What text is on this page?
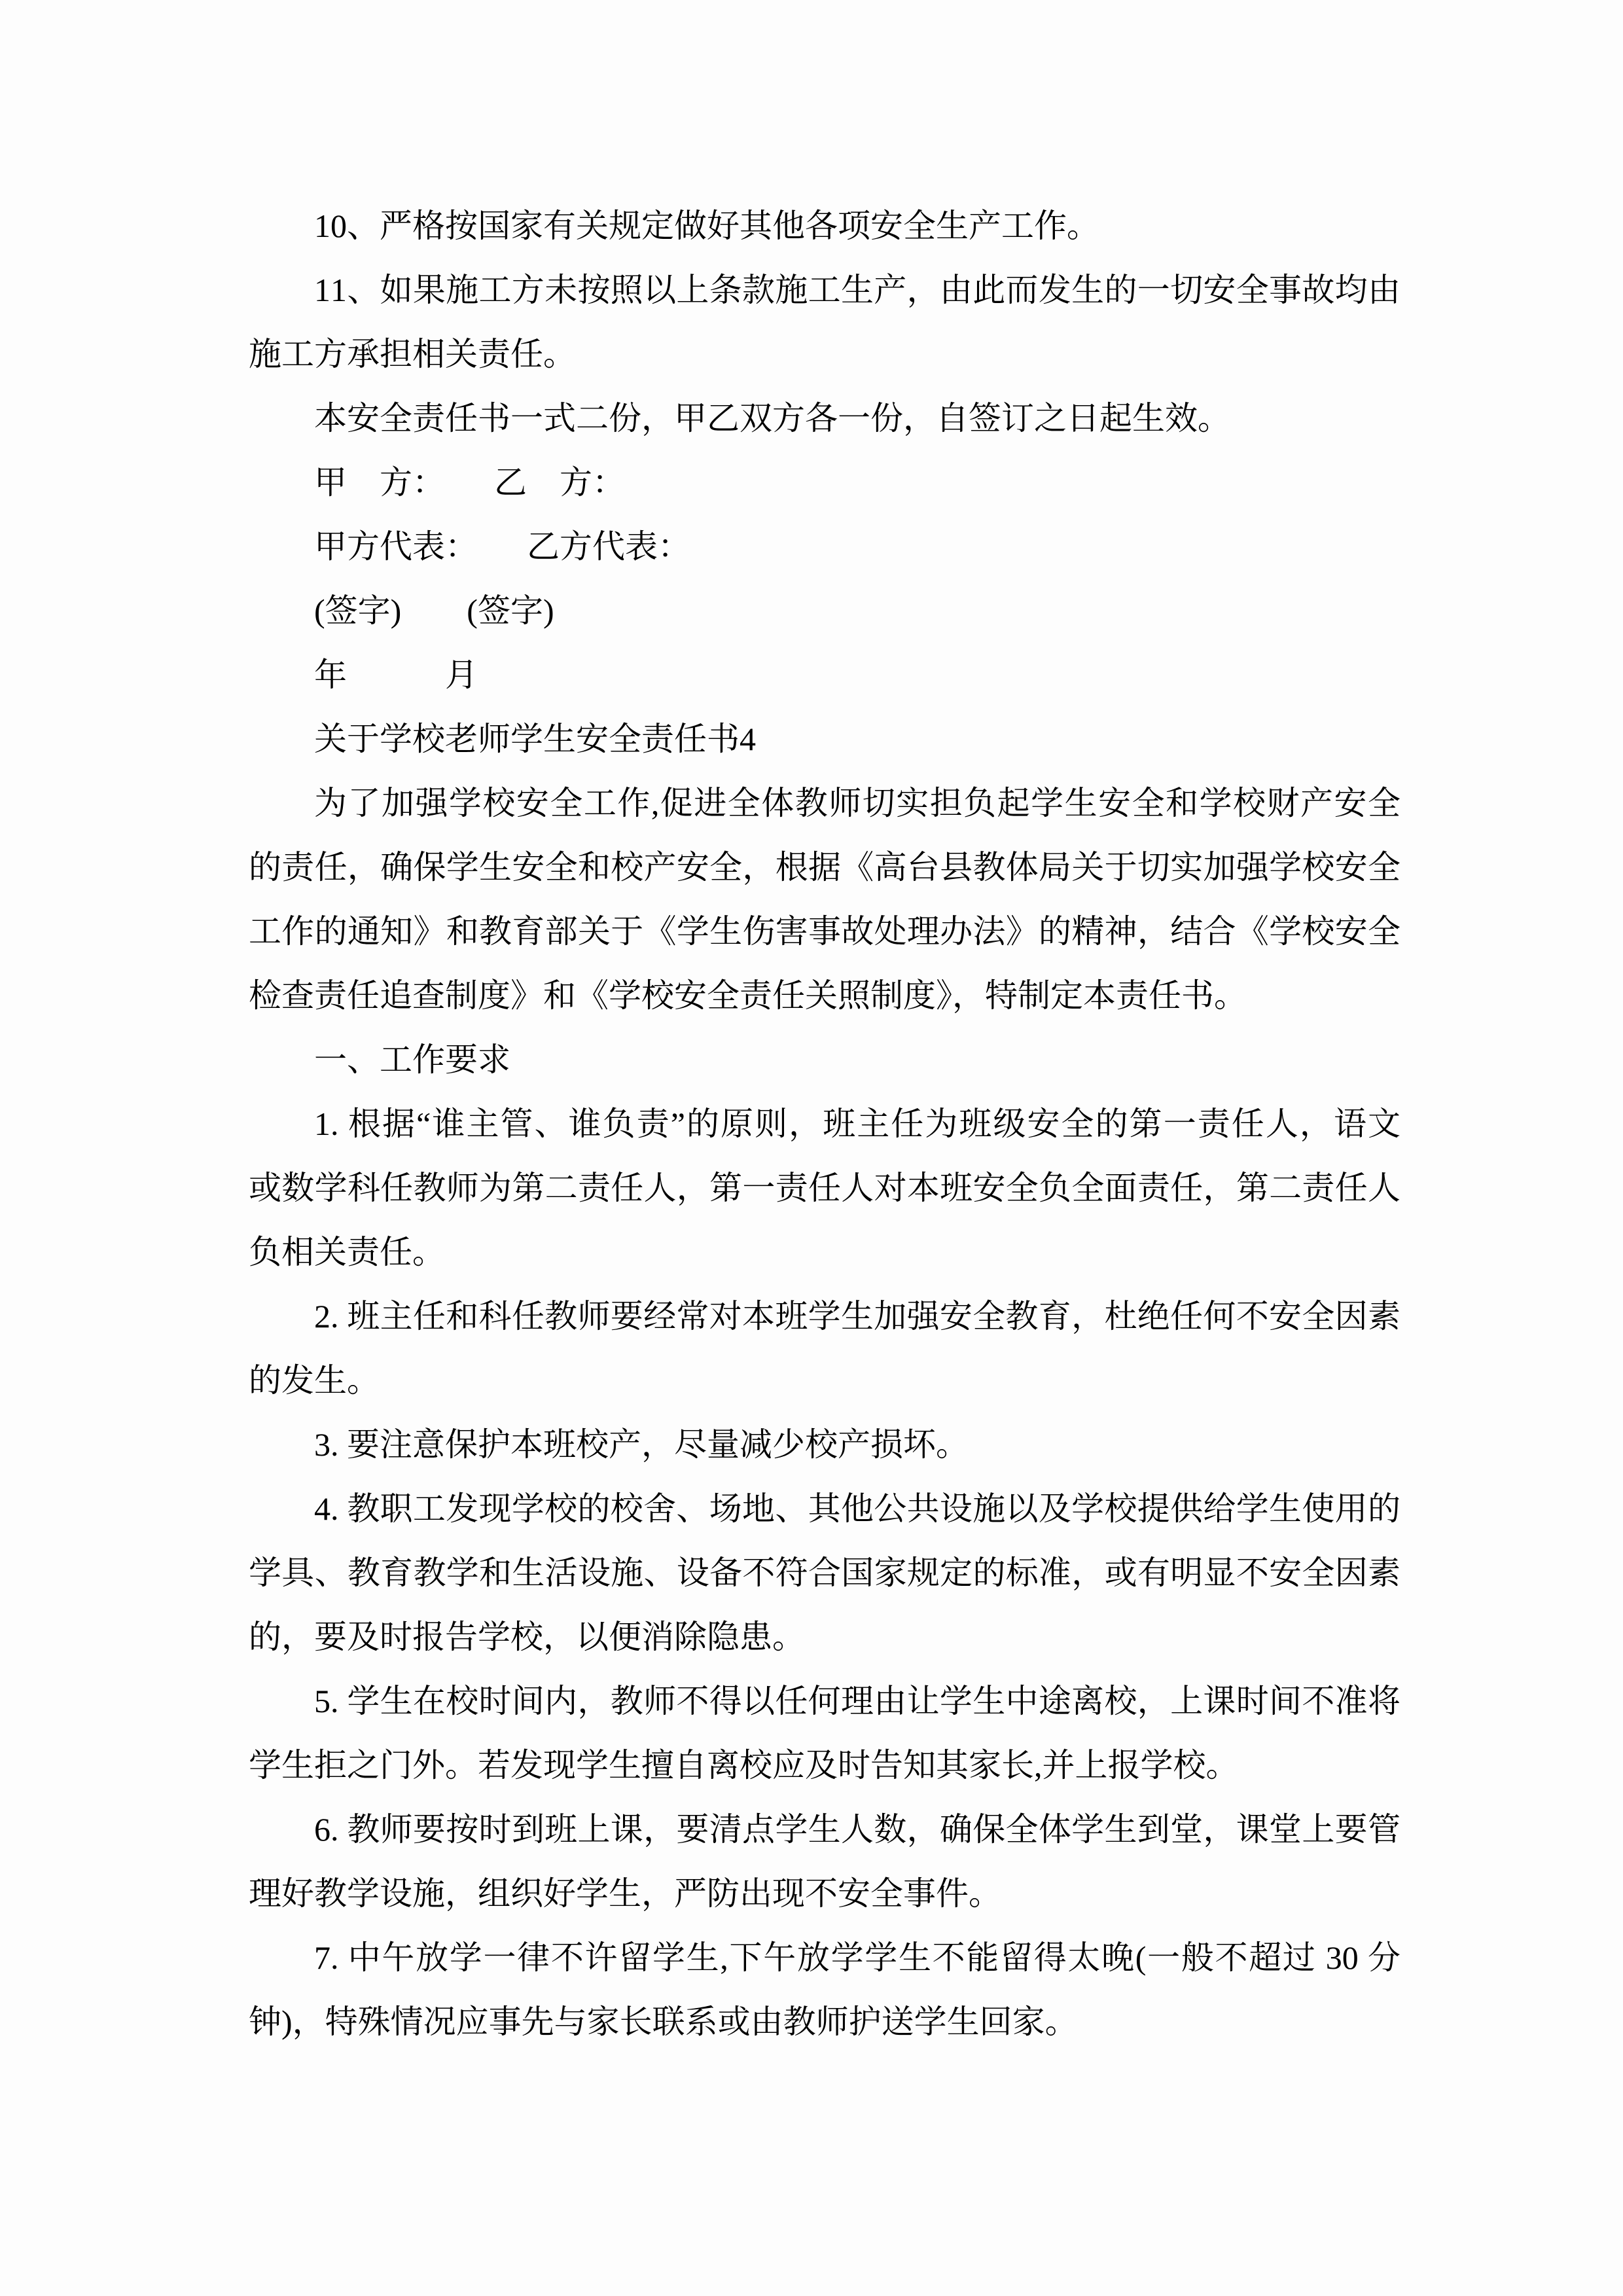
10、严格按国家有关规定做好其他各项安全生产工作。
11、如果施工方未按照以上条款施工生产，由此而发生的一切安全事故均由
施工方承担相关责任。
本安全责任书一式二份，甲乙双方各一份，自签订之日起生效。
甲　方：　　乙　方：
甲方代表：　　乙方代表：
(签字)　　(签字)
年　　　月
关于学校老师学生安全责任书4
为了加强学校安全工作,促进全体教师切实担负起学生安全和学校财产安全
的责任，确保学生安全和校产安全，根据《高台县教体局关于切实加强学校安全
工作的通知》和教育部关于《学生伤害事故处理办法》的精神，结合《学校安全
检查责任追查制度》和《学校安全责任关照制度》，特制定本责任书。
一、工作要求
1. 根据“谁主管、谁负责”的原则，班主任为班级安全的第一责任人，语文
或数学科任教师为第二责任人，第一责任人对本班安全负全面责任，第二责任人
负相关责任。
2. 班主任和科任教师要经常对本班学生加强安全教育，杜绝任何不安全因素
的发生。
3. 要注意保护本班校产，尽量减少校产损坏。
4. 教职工发现学校的校舍、场地、其他公共设施以及学校提供给学生使用的
学具、教育教学和生活设施、设备不符合国家规定的标准，或有明显不安全因素
的，要及时报告学校，以便消除隐患。
5. 学生在校时间内，教师不得以任何理由让学生中途离校，上课时间不准将
学生拒之门外。若发现学生擅自离校应及时告知其家长,并上报学校。
6. 教师要按时到班上课，要清点学生人数，确保全体学生到堂，课堂上要管
理好教学设施，组织好学生，严防出现不安全事件。
7. 中午放学一律不许留学生,下午放学学生不能留得太晚(一般不超过 30 分
钟)，特殊情况应事先与家长联系或由教师护送学生回家。
